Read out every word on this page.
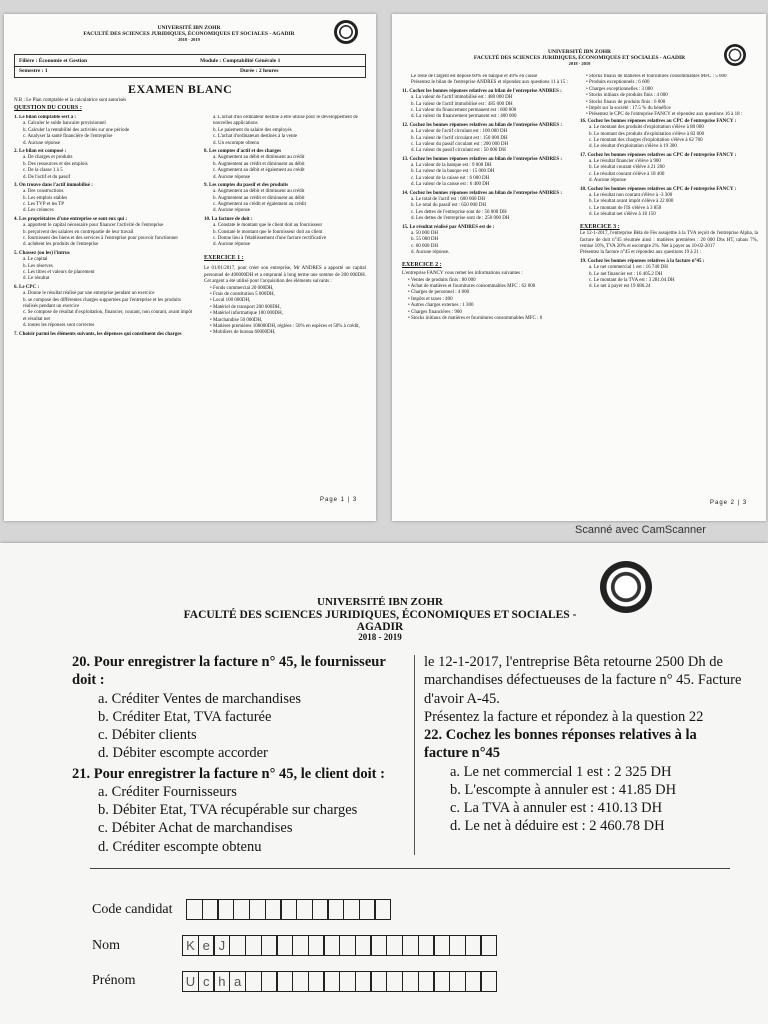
UNIVERSITÉ IBN ZOHR
FACULTÉ DES SCIENCES JURIDIQUES, ÉCONOMIQUES ET SOCIALES - AGADIR
2018 - 2019
Filière : Économie et Gestion	Module : Comptabilité Générale 1
Semestre : 1	Durée : 2 heures
EXAMEN BLANC
N.B : Le Plan comptable et la calculatrice sont autorisés
QUESTION DU COURS :
1. Le bilan comptable sert à :
a. Calculer le solde bancaire provisionnel
b. Calculer la rentabilité des activités sur une période
c. Analyser la santé financière de l'entreprise
d. Aucune réponse
2. Le bilan est composé :
a. De charges et produits
b. Des ressources et des emplois
c. De la classe 1 à 5
d. De l'actif et du passif
3. On trouve dans l'actif immobilisé :
a. Des constructions
b. Les emplois stables
c. Les TVP et les TP
d. Les créances
4. Les propriétaires d'une entreprise se sont eux qui :
a. apportent le capital nécessaire pour financer l'activité de l'entreprise
b. perçoivent des salaires en contrepartie de leur travail
c. fournissent des biens et des services à l'entreprise pour pouvoir fonctionner
d. achètent les produits de l'entreprise
5. Chassez (ou les) l'intrus
a. Le capital
b. Les réserves
c. Les titres et valeurs de placement
d. Le résultat
6. Le CPC :
a. Donne le résultat réalisé par une entreprise pendant un exercice
b. se compose des différentes charges supportées par l'entreprise et les produits réalisés pendant un exercice
c. Se compose de résultat d'exploitation, financier, courant, non courant, avant impôt et résultat net
d. toutes les réponses sont correctes
7. Choisir parmi les éléments suivants, les dépenses qui constituent des charges
a. L'achat d'un ordinateur destiné à être utilisé pour le développement de nouvelles applications
b. Le paiement du salaire des employés
c. L'achat d'ordinateurs destinés à la vente
d. Un escompte obtenu
8. Les comptes d'actif et des charges
a. Augmentent au débit et diminuent au crédit
b. Augmentent au crédit et diminuent au débit
c. Augmentent au débit et également au crédit
d. Aucune réponse
9. Les comptes du passif et des produits
a. Augmentent au débit et diminuent au crédit
b. Augmentent au crédit et diminuent au débit
c. Augmentent au crédit et également au crédit
d. Aucune réponse
10. La facture de doit :
a. Constate le montant que le client doit au fournisseur
b. Constate le montant que le fournisseur doit au client
c. Donne lieu à l'établissement d'une facture rectificative
d. Aucune réponse
EXERCICE 1 :
Le 01/01/2017, pour créer son entreprise, Mr ANDRES a apporté un capital personnel de 400000DH et a emprunté à long terme une somme de 200 000DH. Cet argent a été utilisé pour l'acquisition des éléments suivants :
• Fonds commercial 20 000DH,
• Frais de constitution 5 000DH,
• Local 100 000DH,
• Matériel de transport 200 000DH,
• Matériel informatique 100 000DH,
• Marchandise 50 000DH,
• Matières premières 100000DH, réglées : 50% en espèces et 50% à crédit,
• Mobiliers de bureau 60000DH,
Page 1 | 3
UNIVERSITÉ IBN ZOHR
FACULTÉ DES SCIENCES JURIDIQUES, ÉCONOMIQUES ET SOCIALES - AGADIR
2018 - 2019
Le reste de l'argent est déposé 60% en banque et 40% en caisse
Présentez le bilan de l'entreprise ANDRES et répondez aux questions 11 à 15 :
11. Cochez les bonnes réponses relatives au bilan de l'entreprise ANDRES :
a. La valeur de l'actif immobilisé est : 480 000 DH
b. La valeur de l'actif immobilisé est : 485 000 DH
c. La valeur du financement permanent est : 600 000
d. La valeur du financement permanent est : 400 000
12. Cochez les bonnes réponses relatives au bilan de l'entreprise ANDRES :
a. La valeur de l'actif circulant est : 100 000 DH
b. La valeur de l'actif circulant est : 150 000 DH
c. La valeur du passif circulant est : 200 000 DH
d. La valeur du passif circulant est : 50 000 DH
13. Cochez les bonnes réponses relatives au bilan de l'entreprise ANDRES :
a. La valeur de la banque est : 9 000 DH
b. La valeur de la banque est : 15 000 DH
c. La valeur de la caisse est : 6 000 DH
d. La valeur de la caisse est : 6 400 DH
14. Cochez les bonnes réponses relatives au bilan de l'entreprise ANDRES :
a. Le total de l'actif est : 600 000 DH
b. Le total du passif est : 650 000 DH
c. Les dettes de l'entreprise sont de : 50 000 DH
d. Les dettes de l'entreprise sont de : 250 000 DH
15. Le résultat réalisé par ANDRES est de :
a. 50 000 DH
b. 55 000 DH
c. 60 000 DH
d. Aucune réponse.
EXERCICE 2 :
L'entreprise FANCY vous remet les informations suivantes :
• Ventes de produits finis : 80 000
• Achat de matières et fournitures consommables MFC : 62 000
• Charges de personnel : 4 000
• Impôts et taxes : 400
• Autres charges externes : 1 300
• Charges financières : 900
• Stocks initiaux de matières et fournitures consommables MFC : 0
• Stocks finaux de matières et fournitures consommables MFC : 5 000
• Produits exceptionnels : 6 600
• Charges exceptionnelles : 3 000
• Stocks initiaux de produits finis : 4 000
• Stocks finaux de produits finis : 6 000
• Impôt sur la société : 17.5 % du bénéfice
• Présentez le CPC de l'entreprise FANCY et répondez aux questions 16 à 18 :
16. Cochez les bonnes réponses relatives au CPC de l'entreprise FANCY :
a. Le montant des produits d'exploitation s'élève à 80 000
b. Le montant des produits d'exploitation s'élève à 82 000
c. Le montant des charges d'exploitation s'élève à 62 700
d. Le résultat d'exploitation s'élève à 19 300
17. Cochez les bonnes réponses relatives au CPC de l'entreprise FANCY :
a. Le résultat financier s'élève à 900
b. Le résultat courant s'élève à 21 200
c. Le résultat courant s'élève à 18 400
d. Aucune réponse
18. Cochez les bonnes réponses relatives au CPC de l'entreprise FANCY :
a. Le résultat non courant s'élève à -3 300
b. Le résultat avant impôt s'élève à 22 000
c. Le montant de l'IS s'élève à 3 850
d. Le résultat net s'élève à 18 150
EXERCICE 3 :
Le 12-1-2017, l'entreprise Bêta de Fès assujettie à la TVA reçoit de l'entreprise Alpha, la facture de doit n°45 résumée ainsi : matières premières : 20 000 Dhs HT, rabais 7%, remise 10%, TVA 20% et escompte 2%. Net à payer au 10-02-2017
Présentez la facture n°45 et répondez aux questions 19 à 21 :
19. Cochez les bonnes réponses relatives à la facture n°45 :
a. Le net commercial 1 est : 16 740 DH
b. Le net financier est : 16 405.2 DH
c. Le montant de la TVA est : 3 281.04 DH
d. Le net à payer est 19 686.24
Page 2 | 3
Scanné avec CamScanner
UNIVERSITÉ IBN ZOHR
FACULTÉ DES SCIENCES JURIDIQUES, ÉCONOMIQUES ET SOCIALES - AGADIR
2018 - 2019
20. Pour enregistrer la facture n° 45, le fournisseur doit :
a. Créditer Ventes de marchandises
b. Créditer Etat, TVA facturée
c. Débiter clients
d. Débiter escompte accorder
21. Pour enregistrer la facture n° 45, le client doit :
a. Créditer Fournisseurs
b. Débiter Etat, TVA récupérable sur charges
c. Débiter Achat de marchandises
d. Créditer escompte obtenu
le 12-1-2017, l'entreprise Bêta retourne 2500 Dh de marchandises défectueuses de la facture n° 45. Facture d'avoir A-45.
Présentez la facture et répondez à la question 22
22. Cochez les bonnes réponses relatives à la facture n°45
a. Le net commercial 1 est : 2 325 DH
b. L'escompte à annuler est : 41.85 DH
c. La TVA à annuler est : 410.13 DH
d. Le net à déduire est : 2 460.78 DH
Code candidat
Nom	K e J
Prénom	U c h a
